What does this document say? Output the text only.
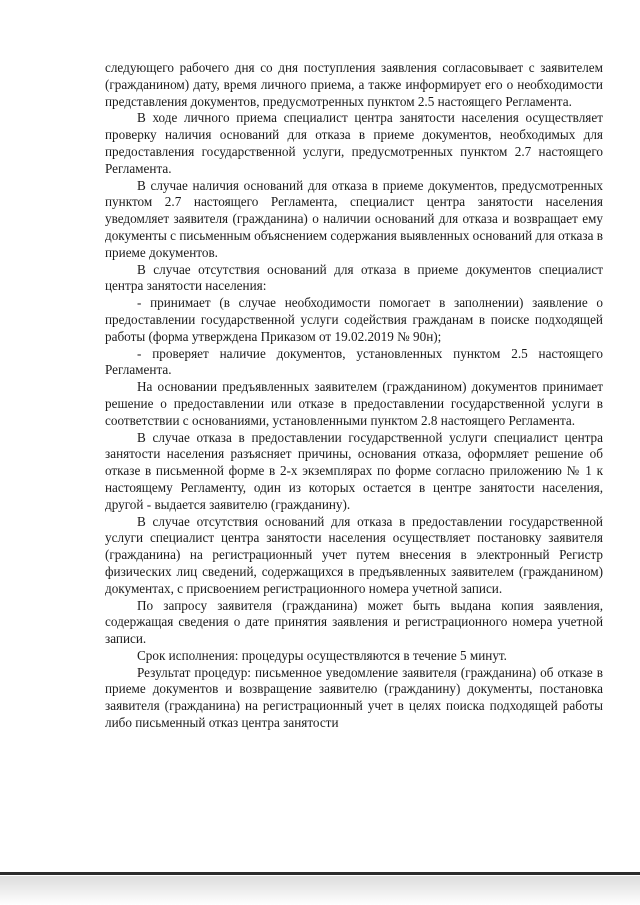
следующего рабочего дня со дня поступления заявления согласовывает с заявителем (гражданином) дату, время личного приема, а также информирует его о необходимости представления документов, предусмотренных пунктом 2.5 настоящего Регламента.

В ходе личного приема специалист центра занятости населения осуществляет проверку наличия оснований для отказа в приеме документов, необходимых для предоставления государственной услуги, предусмотренных пунктом 2.7 настоящего Регламента.

В случае наличия оснований для отказа в приеме документов, предусмотренных пунктом 2.7 настоящего Регламента, специалист центра занятости населения уведомляет заявителя (гражданина) о наличии оснований для отказа и возвращает ему документы с письменным объяснением содержания выявленных оснований для отказа в приеме документов.

В случае отсутствия оснований для отказа в приеме документов специалист центра занятости населения:

- принимает (в случае необходимости помогает в заполнении) заявление о предоставлении государственной услуги содействия гражданам в поиске подходящей работы (форма утверждена Приказом от 19.02.2019 № 90н);

- проверяет наличие документов, установленных пунктом 2.5 настоящего Регламента.

На основании предъявленных заявителем (гражданином) документов принимает решение о предоставлении или отказе в предоставлении государственной услуги в соответствии с основаниями, установленными пунктом 2.8 настоящего Регламента.

В случае отказа в предоставлении государственной услуги специалист центра занятости населения разъясняет причины, основания отказа, оформляет решение об отказе в письменной форме в 2-х экземплярах по форме согласно приложению № 1 к настоящему Регламенту, один из которых остается в центре занятости населения, другой - выдается заявителю (гражданину).

В случае отсутствия оснований для отказа в предоставлении государственной услуги специалист центра занятости населения осуществляет постановку заявителя (гражданина) на регистрационный учет путем внесения в электронный Регистр физических лиц сведений, содержащихся в предъявленных заявителем (гражданином) документах, с присвоением регистрационного номера учетной записи.

По запросу заявителя (гражданина) может быть выдана копия заявления, содержащая сведения о дате принятия заявления и регистрационного номера учетной записи.

Срок исполнения: процедуры осуществляются в течение 5 минут.

Результат процедур: письменное уведомление заявителя (гражданина) об отказе в приеме документов и возвращение заявителю (гражданину) документы, постановка заявителя (гражданина) на регистрационный учет в целях поиска подходящей работы либо письменный отказ центра занятости
